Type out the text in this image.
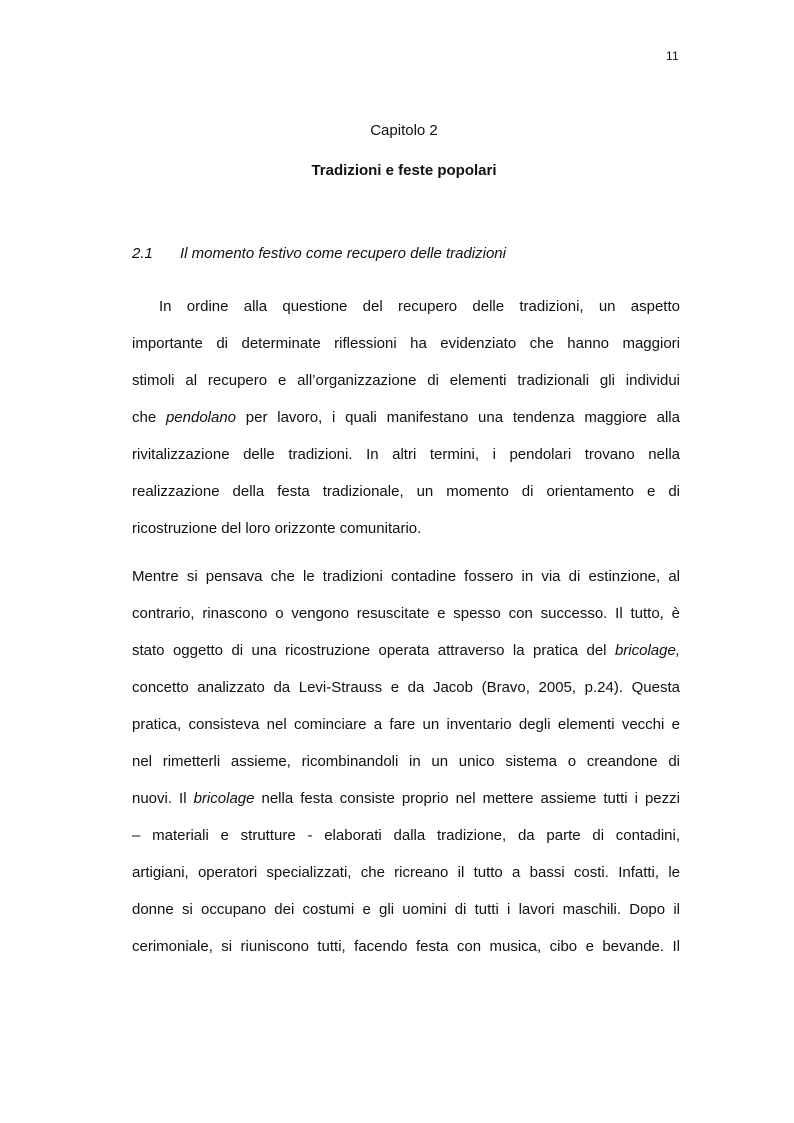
11
Capitolo 2
Tradizioni e feste popolari
2.1 Il momento festivo come recupero delle tradizioni
In ordine alla questione del recupero delle tradizioni, un aspetto
importante di determinate riflessioni ha evidenziato che hanno maggiori
stimoli al recupero e all’organizzazione di elementi tradizionali gli individui
che pendolano per lavoro, i quali manifestano una tendenza maggiore alla
rivitalizzazione delle tradizioni. In altri termini, i pendolari trovano nella
realizzazione della festa tradizionale, un momento di orientamento e di
ricostruzione del loro orizzonte comunitario.
Mentre si pensava che le tradizioni contadine fossero in via di estinzione, al
contrario, rinascono o vengono resuscitate e spesso con successo. Il tutto, è
stato oggetto di una ricostruzione operata attraverso la pratica del bricolage,
concetto analizzato da Levi-Strauss e da Jacob (Bravo, 2005, p.24). Questa
pratica, consisteva nel cominciare a fare un inventario degli elementi vecchi e
nel rimetterli assieme, ricombinandoli in un unico sistema o creandone di
nuovi. Il bricolage nella festa consiste proprio nel mettere assieme tutti i pezzi
– materiali e strutture - elaborati dalla tradizione, da parte di contadini,
artigiani, operatori specializzati, che ricreano il tutto a bassi costi. Infatti, le
donne si occupano dei costumi e gli uomini di tutti i lavori maschili. Dopo il
cerimoniale, si riuniscono tutti, facendo festa con musica, cibo e bevande. Il
